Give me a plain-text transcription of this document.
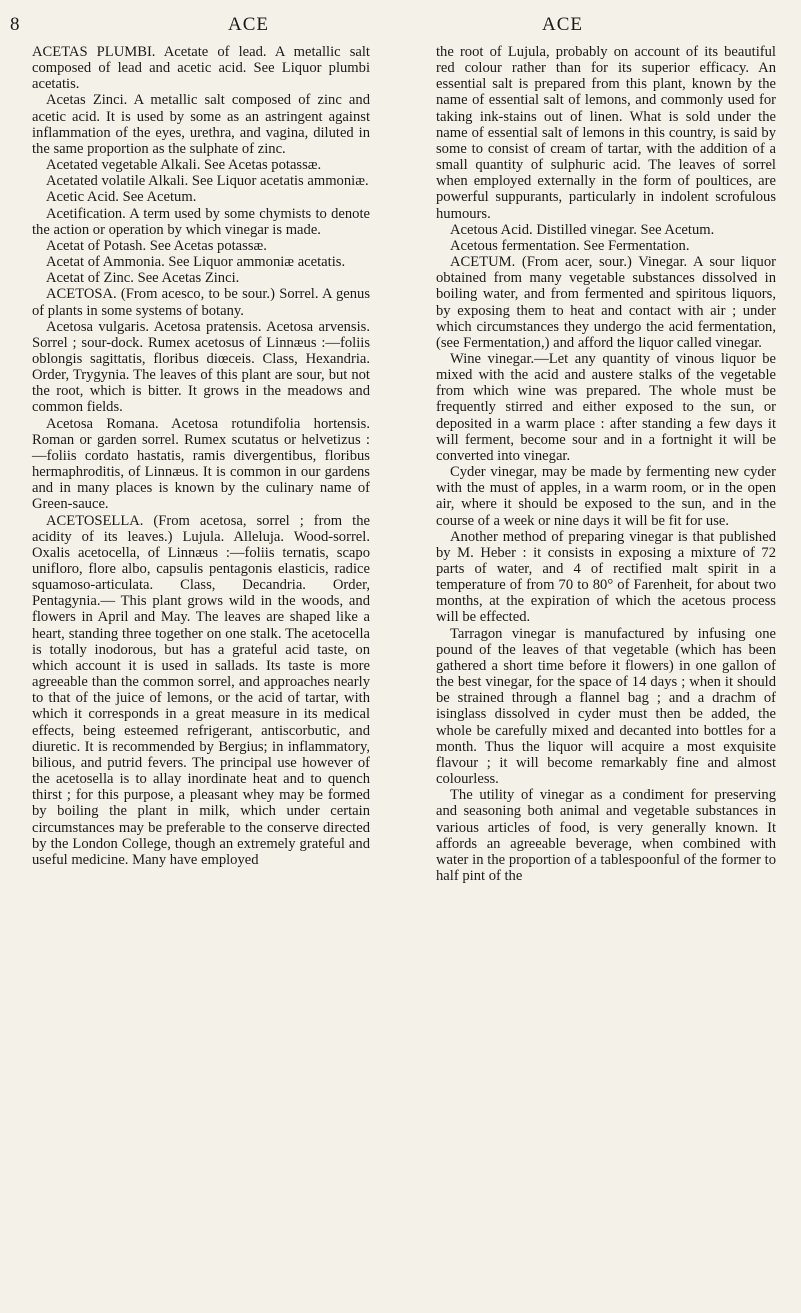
8	ACE	ACE

ACETAS PLUMBI. Acetate of lead. A metallic salt composed of lead and acetic acid. See Liquor plumbi acetatis.

Acetas Zinci. A metallic salt composed of zinc and acetic acid. It is used by some as an astringent against inflammation of the eyes, urethra, and vagina, diluted in the same proportion as the sulphate of zinc.

Acetated vegetable Alkali. See Acetas potassæ.

Acetated volatile Alkali. See Liquor acetatis ammoniæ.

Acetic Acid. See Acetum.

Acetification. A term used by some chymists to denote the action or operation by which vinegar is made.

Acetat of Potash. See Acetas potassæ.

Acetat of Ammonia. See Liquor ammoniæ acetatis.

Acetat of Zinc. See Acetas Zinci.

ACETOSA. (From acesco, to be sour.) Sorrel. A genus of plants in some systems of botany.

Acetosa vulgaris. Acetosa pratensis. Acetosa arvensis. Sorrel ; sour-dock. Rumex acetosus of Linnæus :—foliis oblongis sagittatis, floribus diœceis. Class, Hexandria. Order, Trygynia. The leaves of this plant are sour, but not the root, which is bitter. It grows in the meadows and common fields.

Acetosa Romana. Acetosa rotundifolia hortensis. Roman or garden sorrel. Rumex scutatus or helvetizus :—foliis cordato hastatis, ramis divergentibus, floribus hermaphroditis, of Linnæus. It is common in our gardens and in many places is known by the culinary name of Green-sauce.

ACETOSELLA. (From acetosa, sorrel ; from the acidity of its leaves.) Lujula. Alleluja. Wood-sorrel. Oxalis acetocella, of Linnæus :—foliis ternatis, scapo unifloro, flore albo, capsulis pentagonis elasticis, radice squamoso-articulata. Class, Decandria. Order, Pentagynia.— This plant grows wild in the woods, and flowers in April and May. The leaves are shaped like a heart, standing three together on one stalk. The acetocella is totally inodorous, but has a grateful acid taste, on which account it is used in sallads. Its taste is more agreeable than the common sorrel, and approaches nearly to that of the juice of lemons, or the acid of tartar, with which it corresponds in a great measure in its medical effects, being esteemed refrigerant, antiscorbutic, and diuretic. It is recommended by Bergius; in inflammatory, bilious, and putrid fevers. The principal use however of the acetosella is to allay inordinate heat and to quench thirst ; for this purpose, a pleasant whey may be formed by boiling the plant in milk, which under certain circumstances may be preferable to the conserve directed by the London College, though an extremely grateful and useful medicine. Many have employed

the root of Lujula, probably on account of its beautiful red colour rather than for its superior efficacy. An essential salt is prepared from this plant, known by the name of essential salt of lemons, and commonly used for taking ink-stains out of linen. What is sold under the name of essential salt of lemons in this country, is said by some to consist of cream of tartar, with the addition of a small quantity of sulphuric acid. The leaves of sorrel when employed externally in the form of poultices, are powerful suppurants, particularly in indolent scrofulous humours.

Acetous Acid. Distilled vinegar. See Acetum.

Acetous fermentation. See Fermentation.

ACETUM. (From acer, sour.) Vinegar. A sour liquor obtained from many vegetable substances dissolved in boiling water, and from fermented and spiritous liquors, by exposing them to heat and contact with air ; under which circumstances they undergo the acid fermentation, (see Fermentation,) and afford the liquor called vinegar.

Wine vinegar.—Let any quantity of vinous liquor be mixed with the acid and austere stalks of the vegetable from which wine was prepared. The whole must be frequently stirred and either exposed to the sun, or deposited in a warm place : after standing a few days it will ferment, become sour and in a fortnight it will be converted into vinegar.

Cyder vinegar, may be made by fermenting new cyder with the must of apples, in a warm room, or in the open air, where it should be exposed to the sun, and in the course of a week or nine days it will be fit for use.

Another method of preparing vinegar is that published by M. Heber : it consists in exposing a mixture of 72 parts of water, and 4 of rectified malt spirit in a temperature of from 70 to 80° of Farenheit, for about two months, at the expiration of which the acetous process will be effected.

Tarragon vinegar is manufactured by infusing one pound of the leaves of that vegetable (which has been gathered a short time before it flowers) in one gallon of the best vinegar, for the space of 14 days ; when it should be strained through a flannel bag ; and a drachm of isinglass dissolved in cyder must then be added, the whole be carefully mixed and decanted into bottles for a month. Thus the liquor will acquire a most exquisite flavour ; it will become remarkably fine and almost colourless.

The utility of vinegar as a condiment for preserving and seasoning both animal and vegetable substances in various articles of food, is very generally known. It affords an agreeable beverage, when combined with water in the proportion of a tablespoonful of the former to half pint of the
